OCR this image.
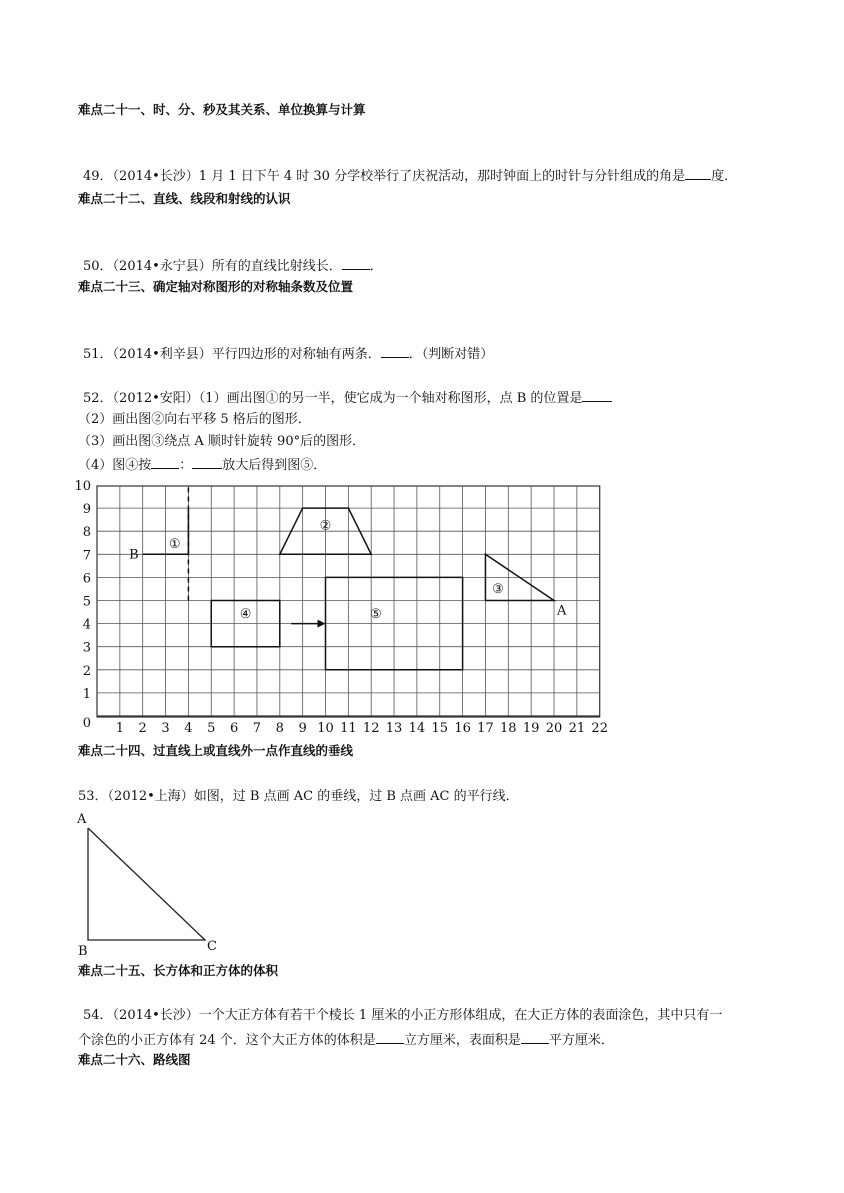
难点二十一、时、分、秒及其关系、单位换算与计算
49．（2014•长沙）1 月 1 日下午 4 时 30 分学校举行了庆祝活动，那时钟面上的时针与分针组成的角是 度．
难点二十二、直线、线段和射线的认识
50．（2014•永宁县）所有的直线比射线长． ．
难点二十三、确定轴对称图形的对称轴条数及位置
51．（2014•利辛县）平行四边形的对称轴有两条． ．（判断对错）
52．（2012•安阳）（1）画出图①的另一半，使它成为一个轴对称图形，点 B 的位置是
（2）画出图②向右平移 5 格后的图形．
（3）画出图③绕点 A 顺时针旋转 90°后的图形．
（4）图④按 ： 放大后得到图⑤．
1 2 3 4 5 6 7 8 9 10 11 12 13 14 15 16 17 18 19 20 21 22
1
2
3
4
5
6
7
8
9
10
0
①
②
③
④	⑤
B
A
难点二十四、过直线上或直线外一点作直线的垂线
53．（2012•上海）如图，过 B 点画 AC 的垂线，过 B 点画 AC 的平行线．
A
B	C
难点二十五、长方体和正方体的体积
54．（2014•长沙）一个大正方体有若干个棱长 1 厘米的小正方形体组成，在大正方体的表面涂色，其中只有一
个涂色的小正方体有 24 个．这个大正方体的体积是 立方厘米，表面积是 平方厘米．
难点二十六、路线图
